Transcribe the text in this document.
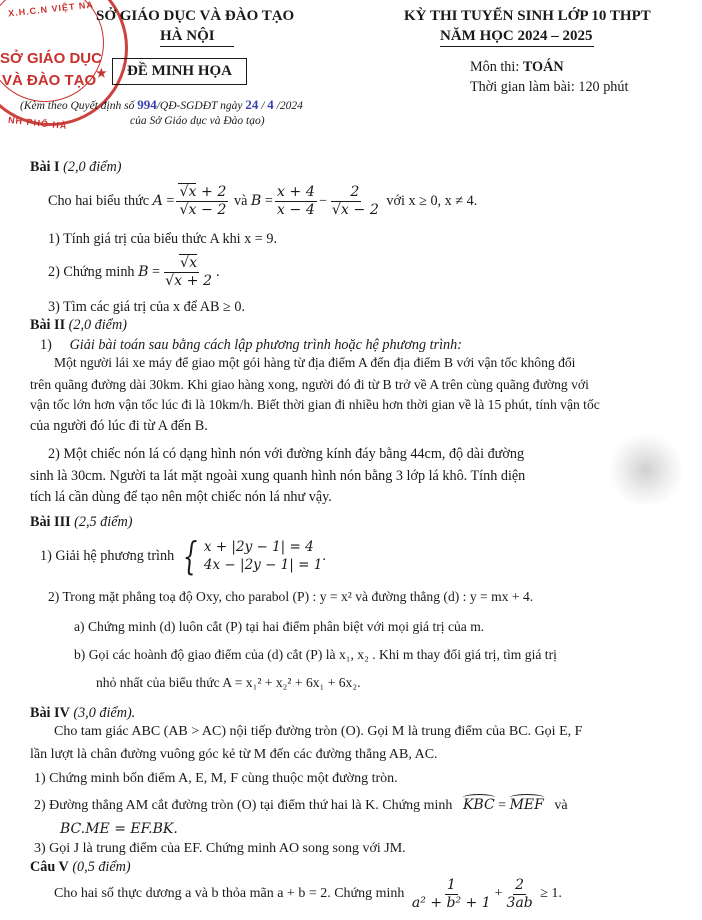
X.H.C.N VIỆT NA
SỞ GIÁO DỤC
VÀ ĐÀO TẠO
NH PHỐ HÀ
★
SỞ GIÁO DỤC VÀ ĐÀO TẠO
HÀ NỘI
KỲ THI TUYỂN SINH LỚP 10 THPT
NĂM HỌC 2024 – 2025
ĐỀ MINH HỌA	Môn thi: TOÁN
Thời gian làm bài: 120 phút
(Kèm theo Quyết định số 994/QĐ-SGDĐT ngày 24 / 4 /2024
của Sở Giáo dục và Đào tạo)
Bài I (2,0 điểm)
Cho hai biểu thức
$A = \frac{√x + 2}{√x - 2}$ và $B = \frac{x + 4}{x - 4} - \frac{2}{√x - 2}$
với x ≥ 0, x ≠ 4.
1) Tính giá trị của biểu thức A khi x = 9.
2) Chứng minh
$B = \frac{√x}{√x + 2}$ .
3) Tìm các giá trị của x để AB ≥ 0.
Bài II (2,0 điểm)
1) Giải bài toán sau bằng cách lập phương trình hoặc hệ phương trình:
Một người lái xe máy để giao một gói hàng từ địa điểm A đến địa điểm B với vận tốc không đổi
trên quãng đường dài 30km. Khi giao hàng xong, người đó đi từ B trở về A trên cùng quãng đường với
vận tốc lớn hơn vận tốc lúc đi là 10km/h. Biết thời gian đi nhiều hơn thời gian về là 15 phút, tính vận tốc
của người đó lúc đi từ A đến B.
2) Một chiếc nón lá có dạng hình nón với đường kính đáy bằng 44cm, độ dài đường
sinh là 30cm. Người ta lát mặt ngoài xung quanh hình nón bằng 3 lớp lá khô. Tính diện
tích lá cần dùng để tạo nên một chiếc nón lá như vậy.
Bài III (2,5 điểm)
1) Giải hệ phương trình
{ x + |2y − 1| = 4
4x − |2y − 1| = 1
.
2) Trong mặt phẳng toạ độ Oxy, cho parabol (P) : y = x² và đường thẳng (d) : y = mx + 4.
a) Chứng minh (d) luôn cắt (P) tại hai điểm phân biệt với mọi giá trị của m.
b) Gọi các hoành độ giao điểm của (d) cắt (P) là x₁, x₂ . Khi m thay đổi giá trị, tìm giá trị
nhỏ nhất của biểu thức A = x₁² + x₂² + 6x₁ + 6x₂.
Bài IV (3,0 điểm).
Cho tam giác ABC (AB > AC) nội tiếp đường tròn (O). Gọi M là trung điểm của BC. Gọi E, F
lần lượt là chân đường vuông góc kẻ từ M đến các đường thẳng AB, AC.
1) Chứng minh bốn điểm A, E, M, F cùng thuộc một đường tròn.
2) Đường thẳng AM cắt đường tròn (O) tại điểm thứ hai là K. Chứng minh KBC = MEF và
BC.ME = EF.BK.
3) Gọi J là trung điểm của EF. Chứng minh AO song song với JM.
Câu V (0,5 điểm)
Cho hai số thực dương a và b thỏa mãn a + b = 2. Chứng minh
$\frac{1}{\text{a² + b² + 1}} + \frac{2}{3ab}$
≥ 1.
